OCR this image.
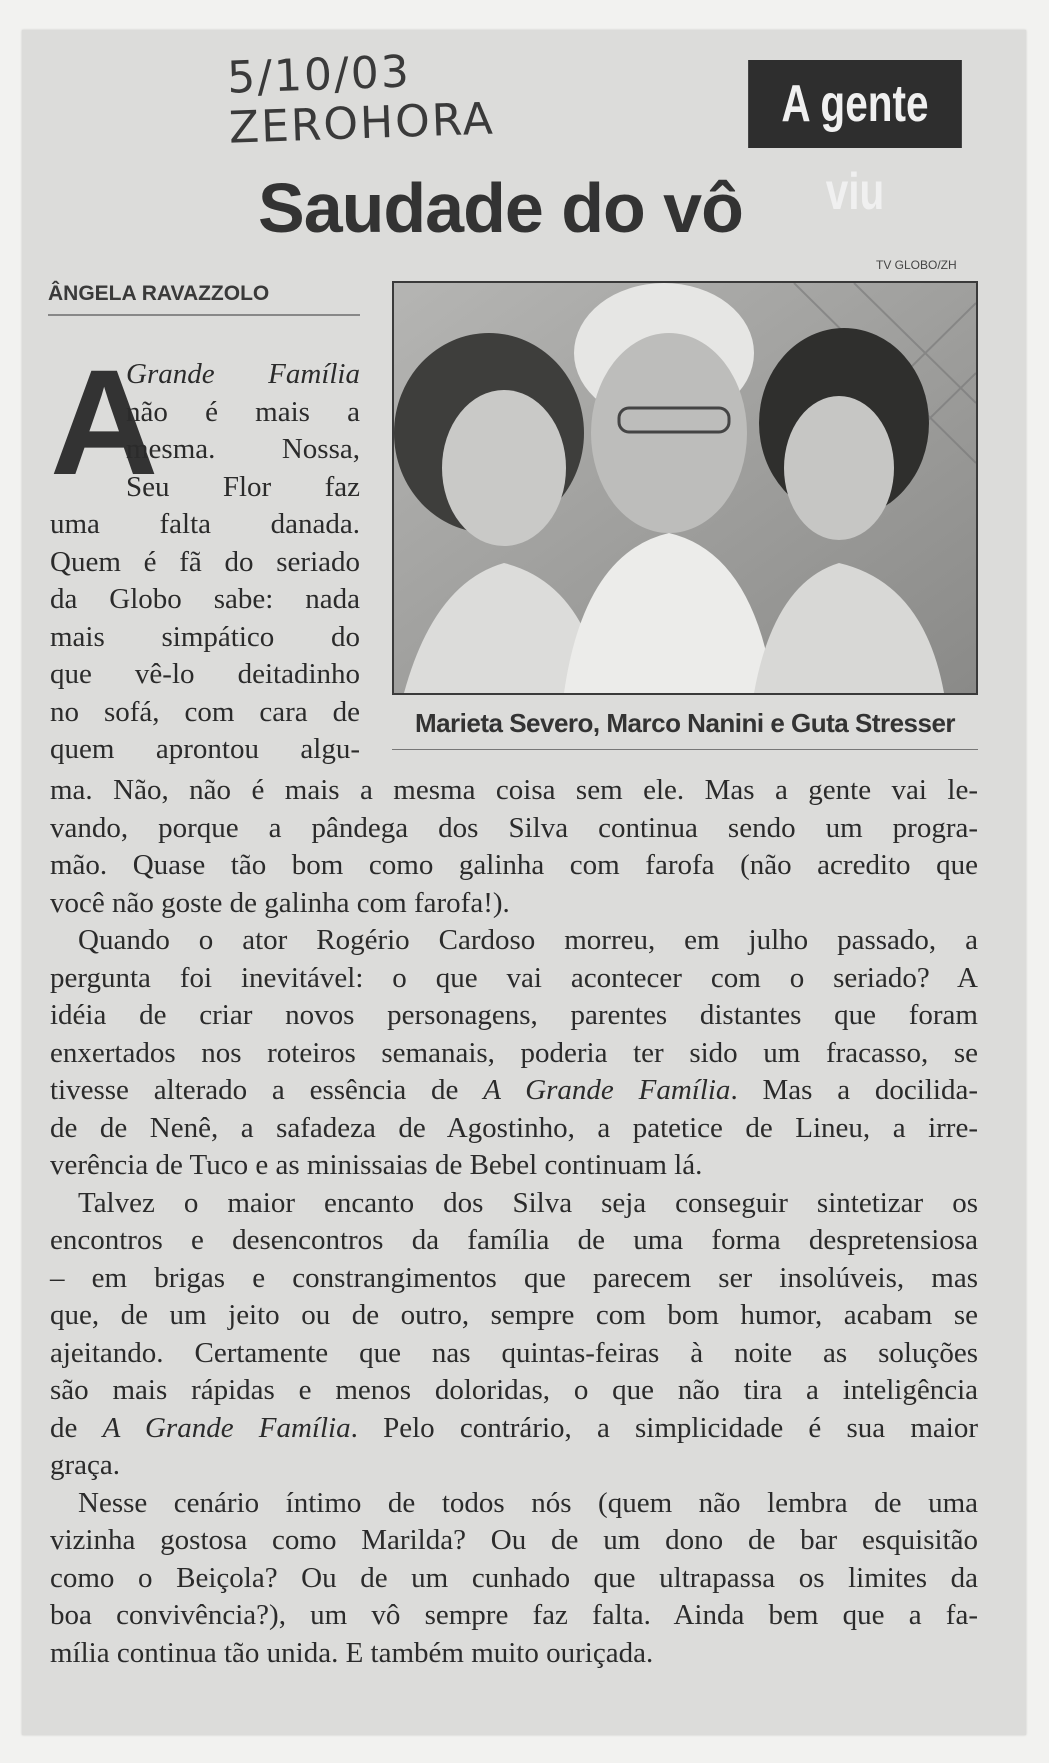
5/10/03
ZEROHORA	A gente viu
Saudade do vô
ÂNGELA RAVAZZOLO
TV GLOBO/ZH
Marieta Severo, Marco Nanini e Guta Stresser
A
Grande Família
não é mais a
mesma. Nossa,
Seu Flor faz
uma falta danada.
Quem é fã do seriado
da Globo sabe: nada
mais simpático do
que vê-lo deitadinho
no sofá, com cara de
quem aprontou algu-
ma. Não, não é mais a mesma coisa sem ele. Mas a gente vai le-
vando, porque a pândega dos Silva continua sendo um progra-
mão. Quase tão bom como galinha com farofa (não acredito que
você não goste de galinha com farofa!).
Quando o ator Rogério Cardoso morreu, em julho passado, a
pergunta foi inevitável: o que vai acontecer com o seriado? A
idéia de criar novos personagens, parentes distantes que foram
enxertados nos roteiros semanais, poderia ter sido um fracasso, se
tivesse alterado a essência de A Grande Família. Mas a docilida-
de de Nenê, a safadeza de Agostinho, a patetice de Lineu, a irre-
verência de Tuco e as minissaias de Bebel continuam lá.
Talvez o maior encanto dos Silva seja conseguir sintetizar os
encontros e desencontros da família de uma forma despretensiosa
– em brigas e constrangimentos que parecem ser insolúveis, mas
que, de um jeito ou de outro, sempre com bom humor, acabam se
ajeitando. Certamente que nas quintas-feiras à noite as soluções
são mais rápidas e menos doloridas, o que não tira a inteligência
de A Grande Família. Pelo contrário, a simplicidade é sua maior
graça.
Nesse cenário íntimo de todos nós (quem não lembra de uma
vizinha gostosa como Marilda? Ou de um dono de bar esquisitão
como o Beiçola? Ou de um cunhado que ultrapassa os limites da
boa convivência?), um vô sempre faz falta. Ainda bem que a fa-
mília continua tão unida. E também muito ouriçada.
